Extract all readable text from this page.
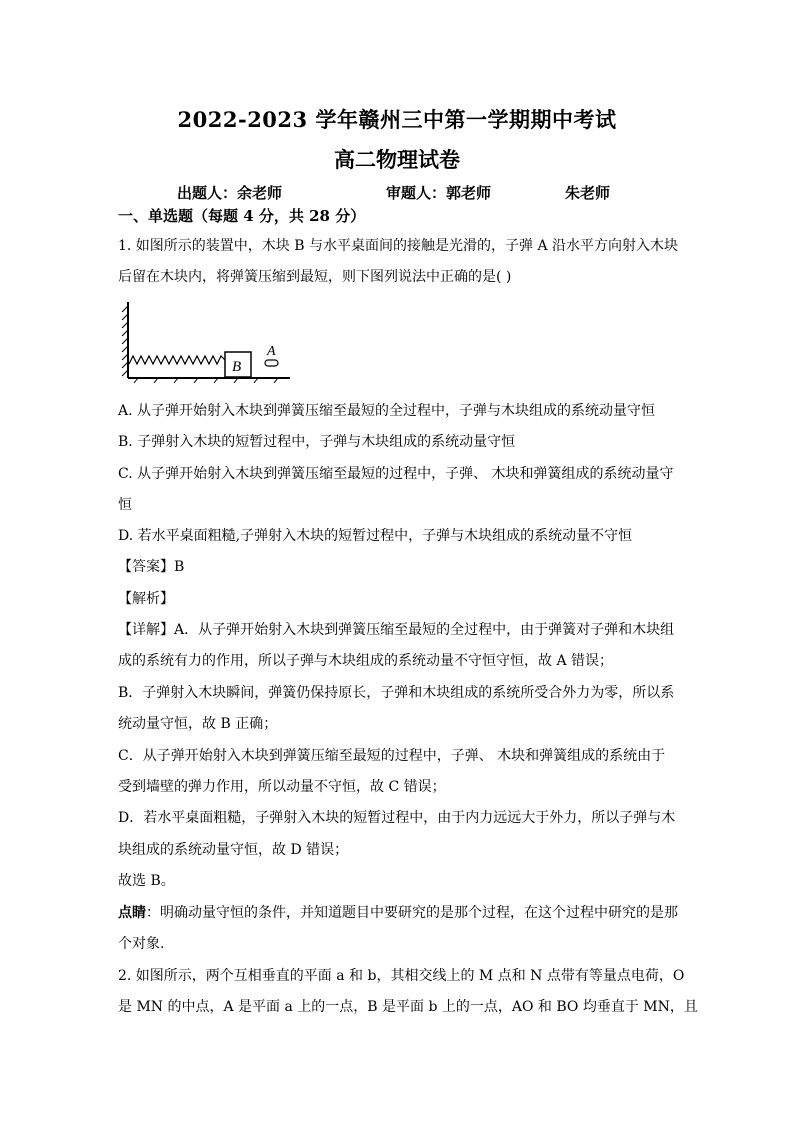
2022-2023 学年赣州三中第一学期期中考试
高二物理试卷
出题人：余老师	审题人：郭老师	朱老师
一、单选题（每题 4 分，共 28 分）
1. 如图所示的装置中，木块 B 与水平桌面间的接触是光滑的，子弹 A 沿水平方向射入木块
后留在木块内，将弹簧压缩到最短，则下图列说法中正确的是( )
B
A
A. 从子弹开始射入木块到弹簧压缩至最短的全过程中，子弹与木块组成的系统动量守恒
B. 子弹射入木块的短暂过程中，子弹与木块组成的系统动量守恒
C. 从子弹开始射入木块到弹簧压缩至最短的过程中，子弹、 木块和弹簧组成的系统动量守
恒
D. 若水平桌面粗糙,子弹射入木块的短暂过程中，子弹与木块组成的系统动量不守恒
【答案】B
【解析】
【详解】A．从子弹开始射入木块到弹簧压缩至最短的全过程中，由于弹簧对子弹和木块组
成的系统有力的作用，所以子弹与木块组成的系统动量不守恒守恒，故 A 错误；
B．子弹射入木块瞬间，弹簧仍保持原长，子弹和木块组成的系统所受合外力为零，所以系
统动量守恒，故 B 正确；
C．从子弹开始射入木块到弹簧压缩至最短的过程中，子弹、 木块和弹簧组成的系统由于
受到墙壁的弹力作用，所以动量不守恒，故 C 错误；
D．若水平桌面粗糙，子弹射入木块的短暂过程中，由于内力远远大于外力，所以子弹与木
块组成的系统动量守恒，故 D 错误；
故选 B。
点睛：明确动量守恒的条件，并知道题目中要研究的是那个过程，在这个过程中研究的是那
个对象.
2. 如图所示，两个互相垂直的平面 a 和 b，其相交线上的 M 点和 N 点带有等量点电荷，O
是 MN 的中点，A 是平面 a 上的一点，B 是平面 b 上的一点，AO 和 BO 均垂直于 MN，且
